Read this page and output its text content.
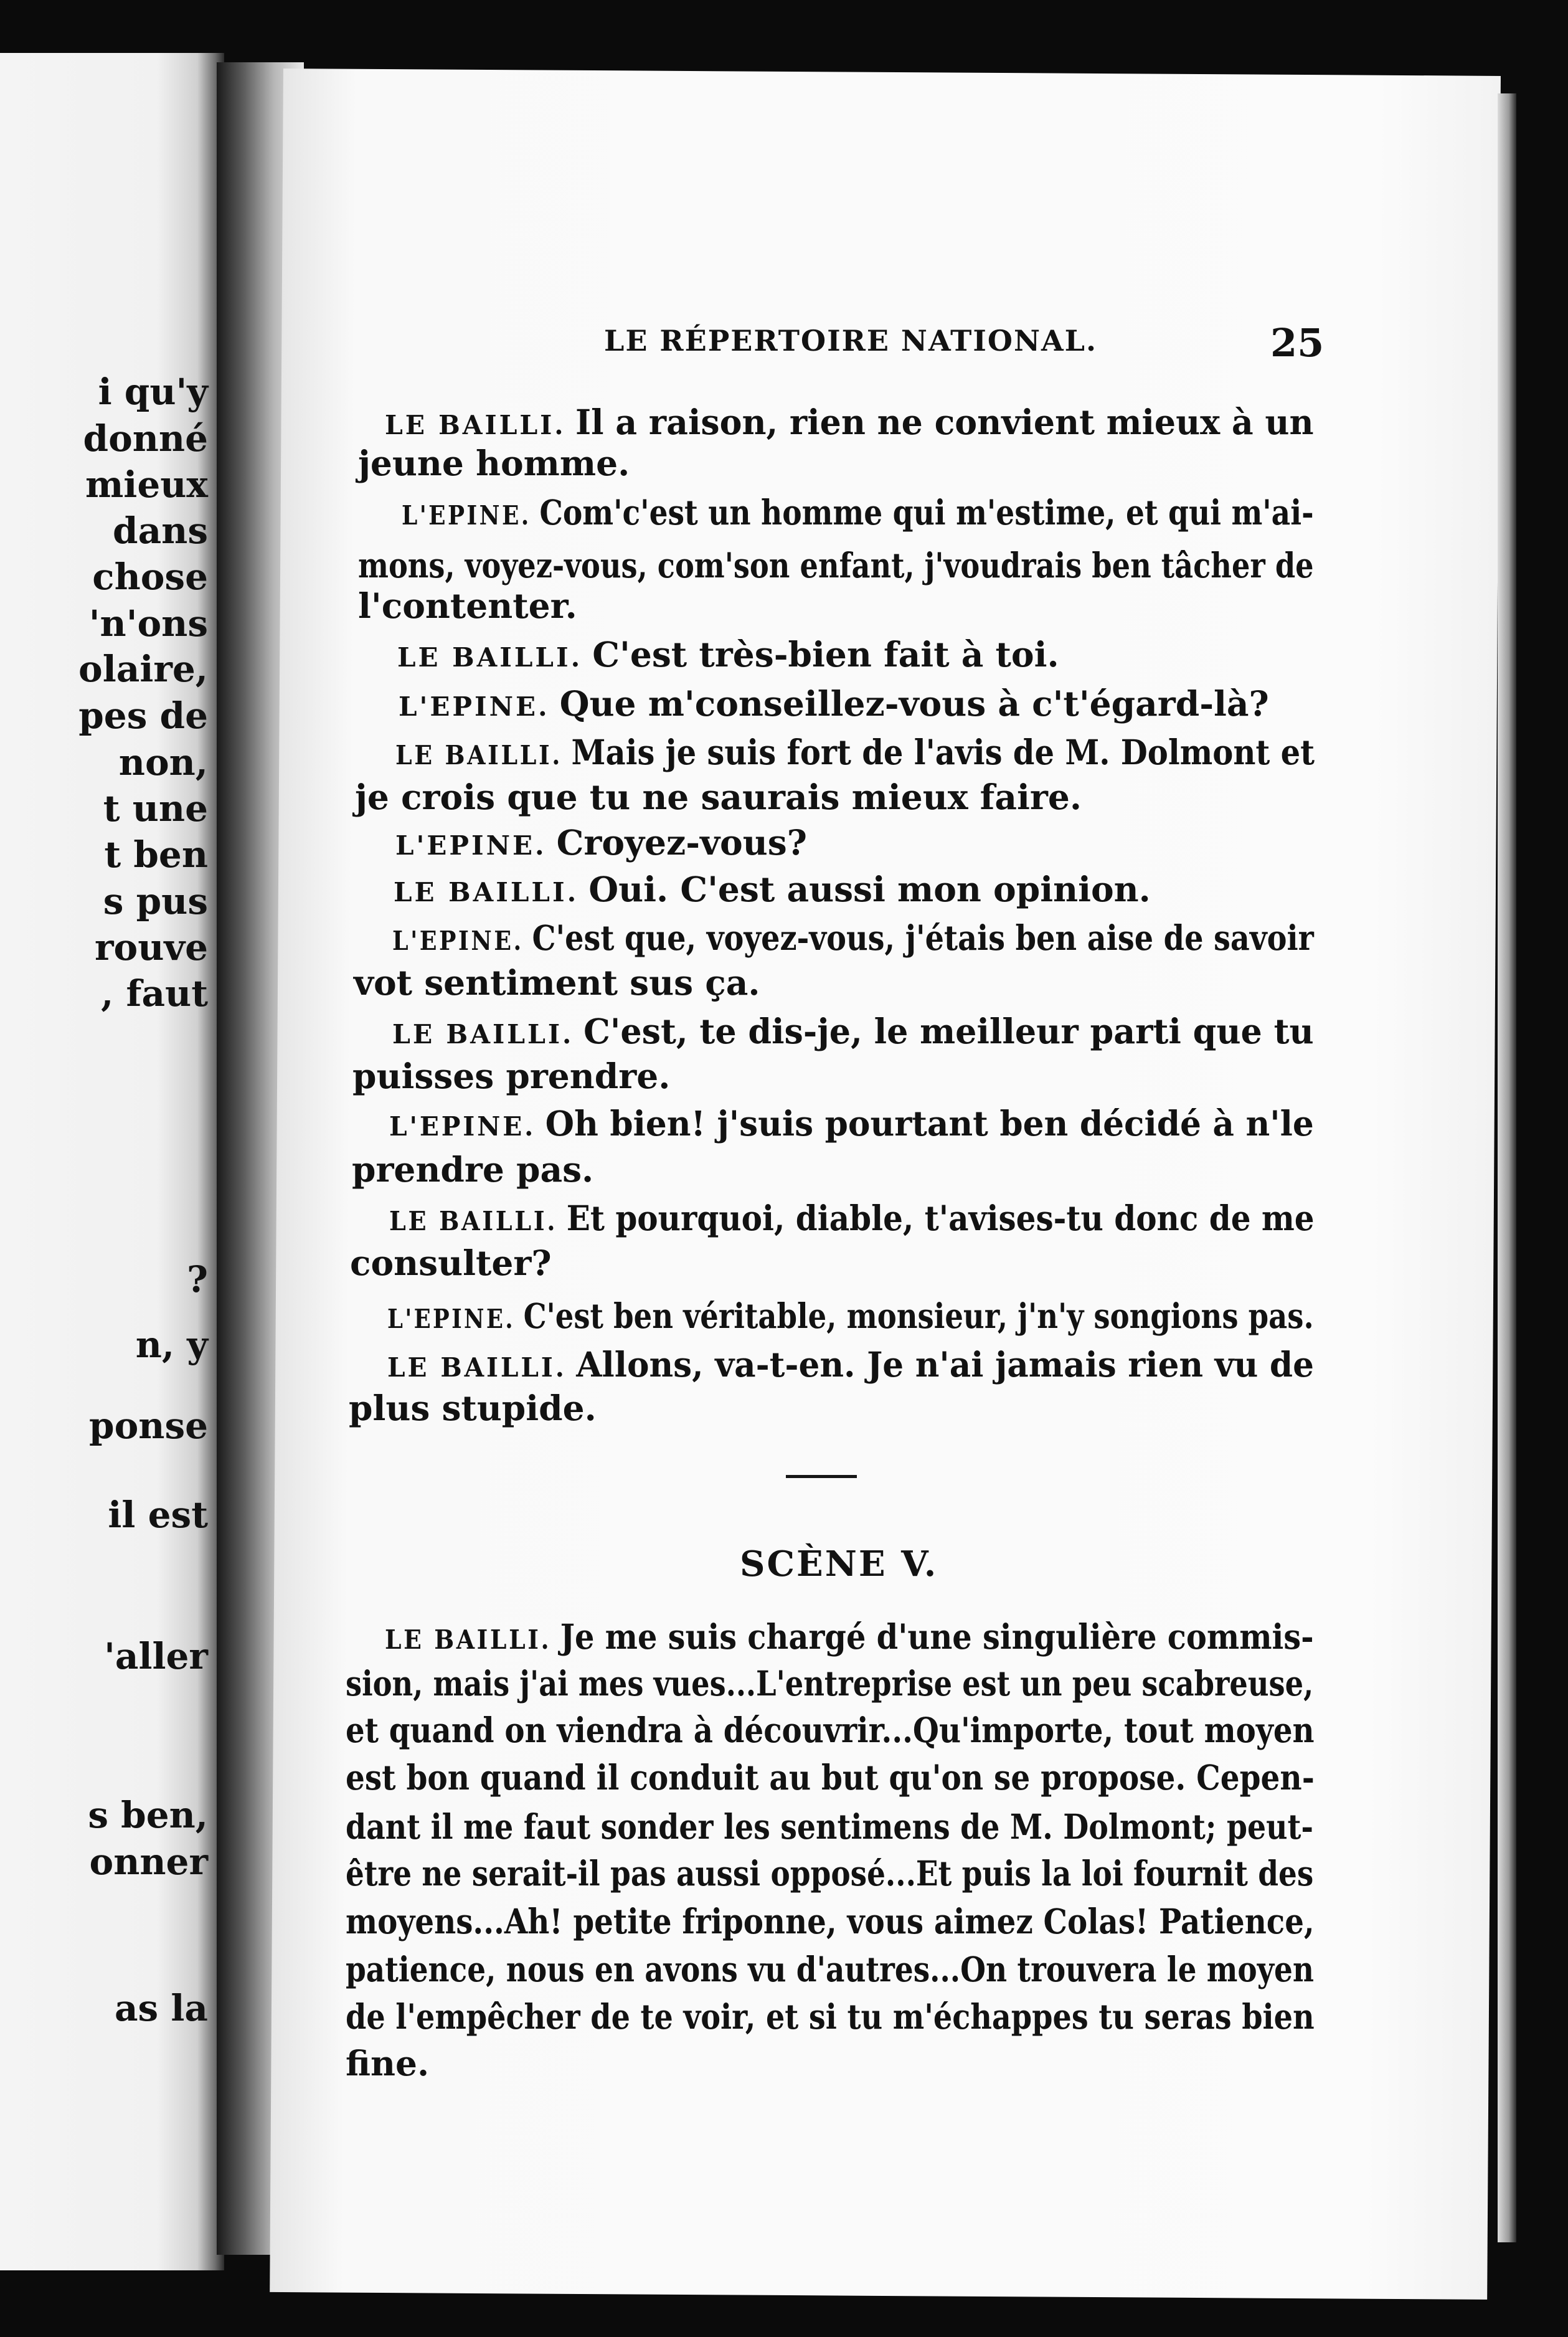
i qu'y

donné

mieux

dans

chose

'n'ons

olaire,

pes de

non,

t une

t ben

s pus

rouve

, faut

?

n, y

ponse

il est

'aller

s ben,

onner

as la

LE RÉPERTOIRE NATIONAL.	25

LE BAILLI. Il a raison, rien ne convient mieux à un

jeune homme.

L'EPINE. Com'c'est un homme qui m'estime, et qui m'ai-

mons, voyez-vous, com'son enfant, j'voudrais ben tâcher de

l'contenter.

LE BAILLI. C'est très-bien fait à toi.

L'EPINE. Que m'conseillez-vous à c't'égard-là?

LE BAILLI. Mais je suis fort de l'avis de M. Dolmont et

je crois que tu ne saurais mieux faire.

L'EPINE. Croyez-vous?

LE BAILLI. Oui. C'est aussi mon opinion.

L'EPINE. C'est que, voyez-vous, j'étais ben aise de savoir

vot sentiment sus ça.

LE BAILLI. C'est, te dis-je, le meilleur parti que tu

puisses prendre.

L'EPINE. Oh bien! j'suis pourtant ben décidé à n'le

prendre pas.

LE BAILLI. Et pourquoi, diable, t'avises-tu donc de me

consulter?

L'EPINE. C'est ben véritable, monsieur, j'n'y songions pas.

LE BAILLI. Allons, va-t-en. Je n'ai jamais rien vu de

plus stupide.

SCÈNE V.

LE BAILLI. Je me suis chargé d'une singulière commis-

sion, mais j'ai mes vues...L'entreprise est un peu scabreuse,

et quand on viendra à découvrir...Qu'importe, tout moyen

est bon quand il conduit au but qu'on se propose. Cepen-

dant il me faut sonder les sentimens de M. Dolmont; peut-

être ne serait-il pas aussi opposé...Et puis la loi fournit des

moyens...Ah! petite friponne, vous aimez Colas! Patience,

patience, nous en avons vu d'autres...On trouvera le moyen

de l'empêcher de te voir, et si tu m'échappes tu seras bien

fine.
